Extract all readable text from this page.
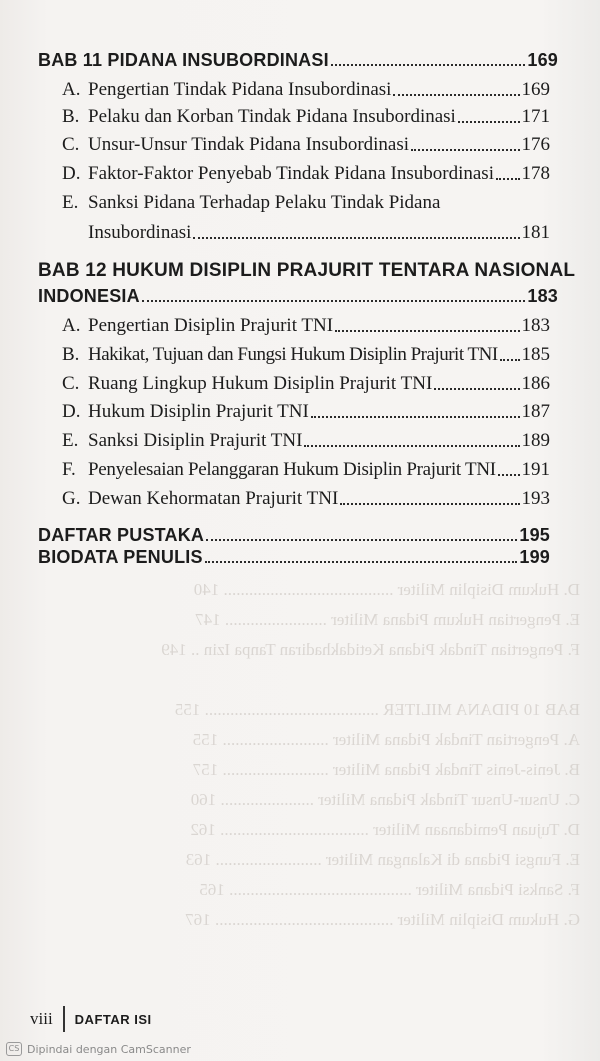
D. Hukum Disiplin Militer ........................................ 140
E. Pengertian Hukum Pidana Militer ........................ 147
F. Pengertian Tindak Pidana Ketidakhadiran Tanpa Izin .. 149

BAB 10 PIDANA MILITER ......................................... 155
A. Pengertian Tindak Pidana Militer ......................... 155
B. Jenis-Jenis Tindak Pidana Militer ......................... 157
C. Unsur-Unsur Tindak Pidana Militer ...................... 160
D. Tujuan Pemidanaan Militer ................................... 162
E. Fungsi Pidana di Kalangan Militer ......................... 163
F. Sanksi Pidana Militer ........................................... 165
G. Hukum Disiplin Militer .......................................... 167
BAB 11 PIDANA INSUBORDINASI	169
A. Pengertian Tindak Pidana Insubordinasi	169
B. Pelaku dan Korban Tindak Pidana Insubordinasi	171
C. Unsur-Unsur Tindak Pidana Insubordinasi	176
D. Faktor-Faktor Penyebab Tindak Pidana Insubordinasi 178
E. Sanksi Pidana Terhadap Pelaku Tindak Pidana
Insubordinasi	181
BAB 12 HUKUM DISIPLIN PRAJURIT TENTARA NASIONAL
INDONESIA	183
A. Pengertian Disiplin Prajurit TNI	183
B. Hakikat, Tujuan dan Fungsi Hukum Disiplin Prajurit TNI 185
C. Ruang Lingkup Hukum Disiplin Prajurit TNI	186
D. Hukum Disiplin Prajurit TNI	187
E. Sanksi Disiplin Prajurit TNI	189
F. Penyelesaian Pelanggaran Hukum Disiplin Prajurit TNI 191
G. Dewan Kehormatan Prajurit TNI	193
DAFTAR PUSTAKA	195
BIODATA PENULIS	199
viii DAFTAR ISI
CS Dipindai dengan CamScanner
